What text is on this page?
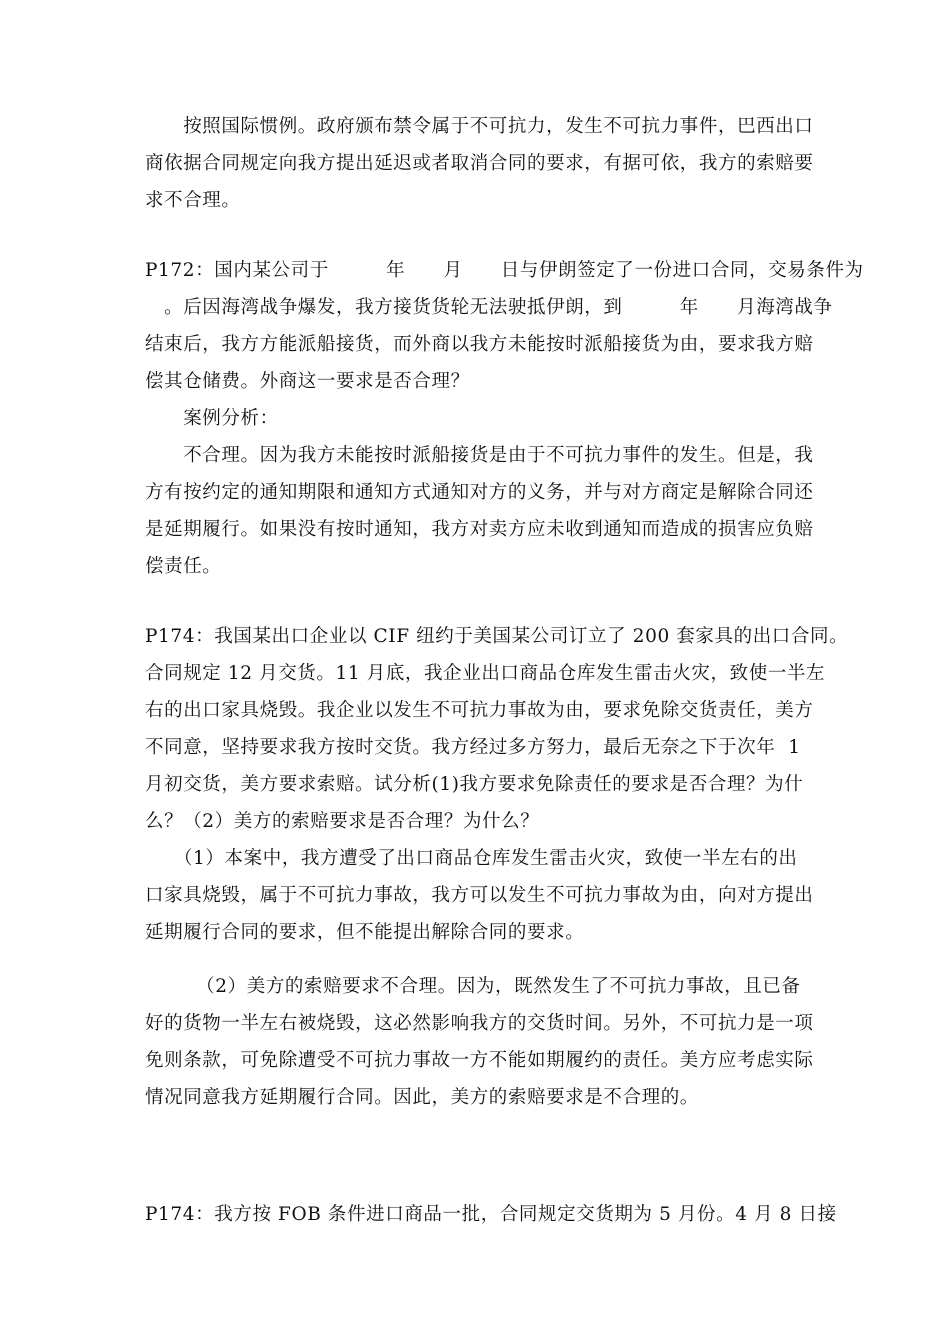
　　按照国际惯例。政府颁布禁令属于不可抗力，发生不可抗力事件，巴西出口

商依据合同规定向我方提出延迟或者取消合同的要求，有据可依，我方的索赔要

求不合理。

P172：国内某公司于　　　年　　月　　日与伊朗签定了一份进口合同，交易条件为

　。后因海湾战争爆发，我方接货货轮无法驶抵伊朗，到　　　年　　月海湾战争

结束后，我方方能派船接货，而外商以我方未能按时派船接货为由，要求我方赔

偿其仓储费。外商这一要求是否合理？

　　案例分析：

　　不合理。因为我方未能按时派船接货是由于不可抗力事件的发生。但是，我

方有按约定的通知期限和通知方式通知对方的义务，并与对方商定是解除合同还

是延期履行。如果没有按时通知，我方对卖方应未收到通知而造成的损害应负赔

偿责任。

P174：我国某出口企业以 CIF 纽约于美国某公司订立了 200 套家具的出口合同。

合同规定 12 月交货。11 月底，我企业出口商品仓库发生雷击火灾，致使一半左

右的出口家具烧毁。我企业以发生不可抗力事故为由，要求免除交货责任，美方

不同意，坚持要求我方按时交货。我方经过多方努力，最后无奈之下于次年  1

月初交货，美方要求索赔。试分析(1)我方要求免除责任的要求是否合理？为什

么？（2）美方的索赔要求是否合理？为什么？

　　（1）本案中，我方遭受了出口商品仓库发生雷击火灾，致使一半左右的出

口家具烧毁，属于不可抗力事故，我方可以发生不可抗力事故为由，向对方提出

延期履行合同的要求，但不能提出解除合同的要求。

　　  （2）美方的索赔要求不合理。因为，既然发生了不可抗力事故，且已备

好的货物一半左右被烧毁，这必然影响我方的交货时间。另外，不可抗力是一项

免则条款，可免除遭受不可抗力事故一方不能如期履约的责任。美方应考虑实际

情况同意我方延期履行合同。因此，美方的索赔要求是不合理的。

P174：我方按 FOB 条件进口商品一批，合同规定交货期为 5 月份。4 月 8 日接
